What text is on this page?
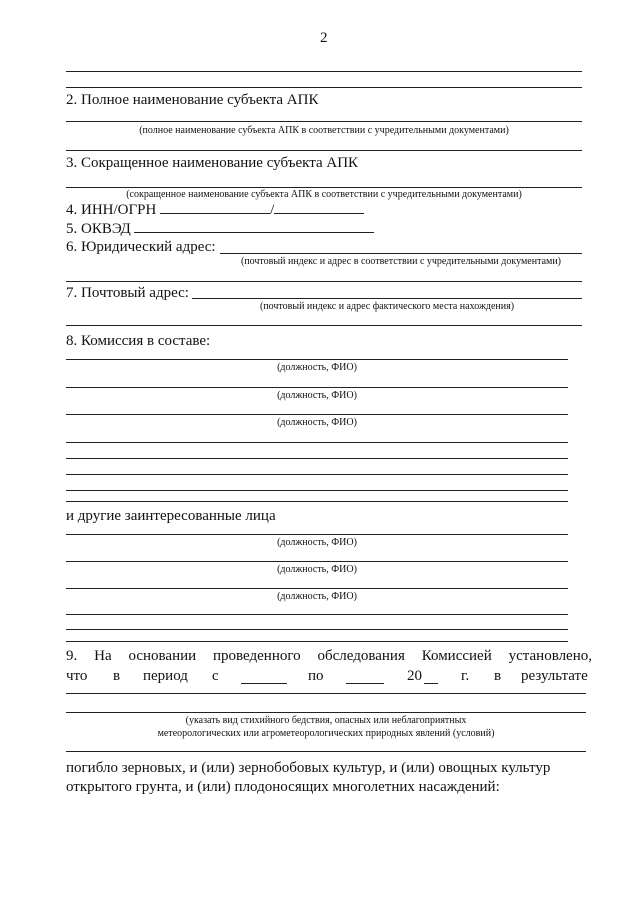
2
2. Полное наименование субъекта АПК
(полное наименование субъекта АПК в соответствии с учредительными документами)
3. Сокращенное наименование субъекта АПК
(сокращенное наименование субъекта АПК в соответствии с учредительными документами)
4. ИНН/ОГРН	/
5. ОКВЭД
6. Юридический адрес:
(почтовый индекс и адрес в соответствии с учредительными документами)
7. Почтовый адрес:
(почтовый индекс и адрес фактического места нахождения)
8. Комиссия в составе:
(должность, ФИО)
(должность, ФИО)
(должность, ФИО)
и другие заинтересованные лица
(должность, ФИО)
(должность, ФИО)
(должность, ФИО)
9. На основании проведенного обследования Комиссией установлено,
что в период с	по	20	г. в результате
(указать вид стихийного бедствия, опасных или неблагоприятных
метеорологических или агрометеорологических природных явлений (условий)
погибло зерновых, и (или) зернобобовых культур, и (или) овощных культур
открытого грунта, и (или) плодоносящих многолетних насаждений:
